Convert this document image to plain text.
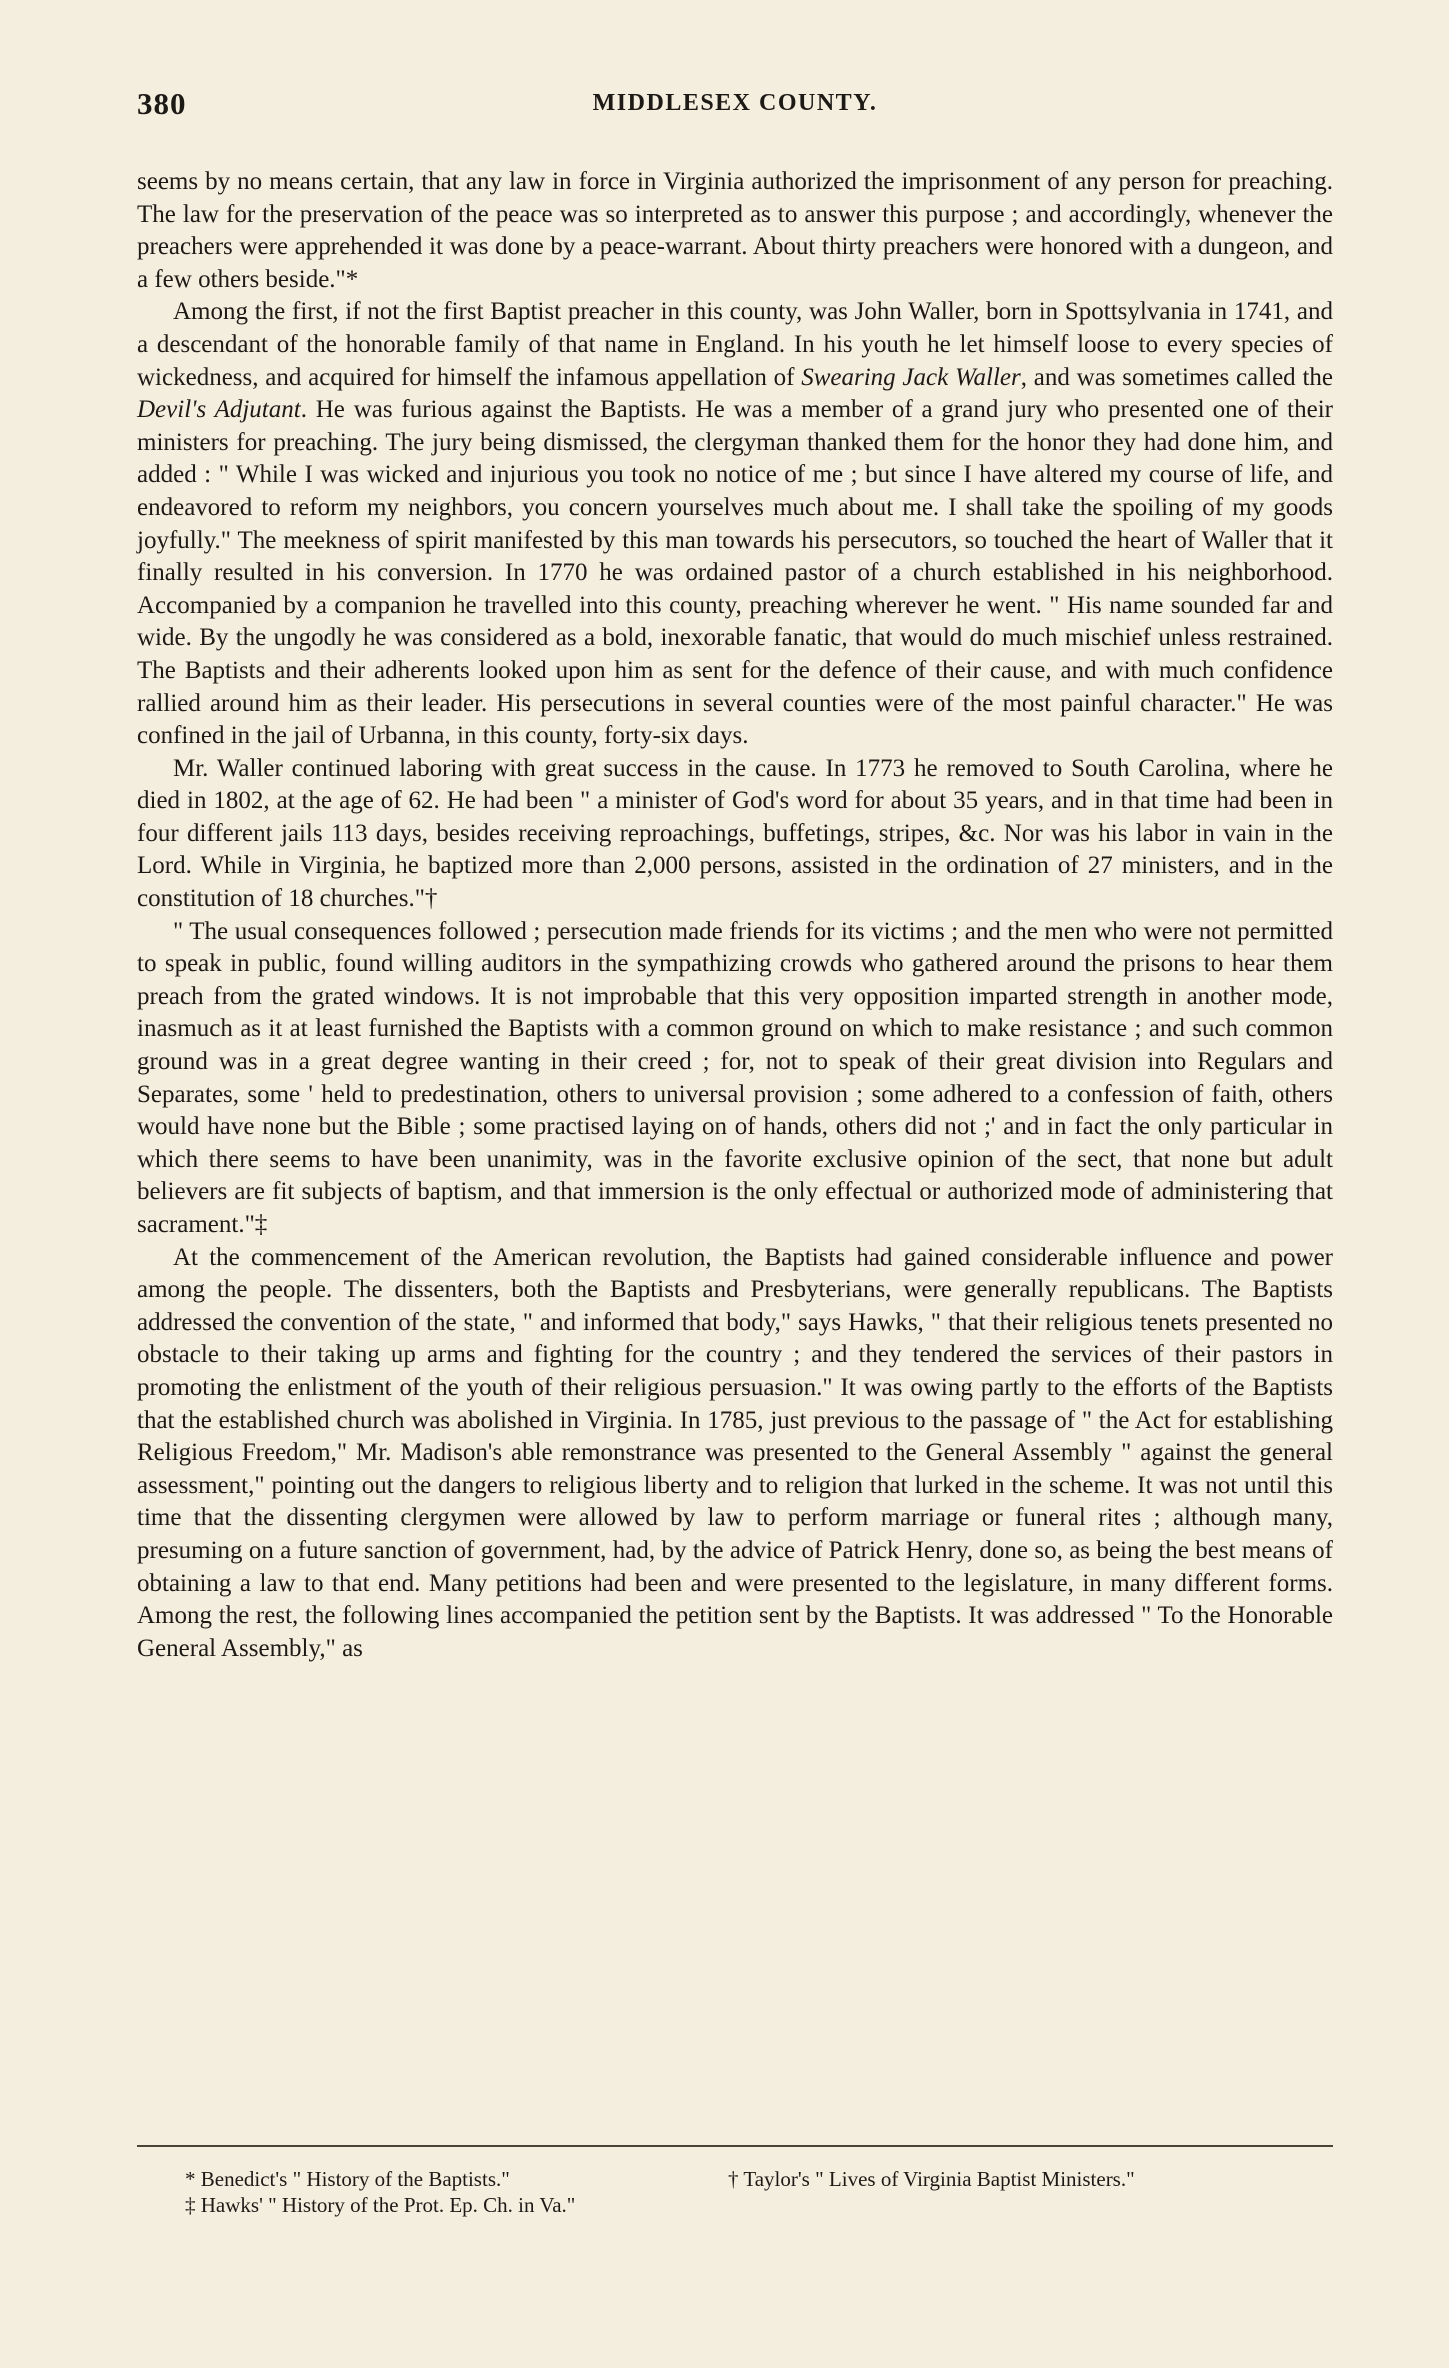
380	MIDDLESEX COUNTY.

seems by no means certain, that any law in force in Virginia authorized the imprisonment of any person for preaching. The law for the preservation of the peace was so interpreted as to answer this purpose ; and accordingly, whenever the preachers were apprehended it was done by a peace-warrant. About thirty preachers were honored with a dungeon, and a few others beside."*

Among the first, if not the first Baptist preacher in this county, was John Waller, born in Spottsylvania in 1741, and a descendant of the honorable family of that name in England. In his youth he let himself loose to every species of wickedness, and acquired for himself the infamous appellation of Swearing Jack Waller, and was sometimes called the Devil's Adjutant. He was furious against the Baptists. He was a member of a grand jury who presented one of their ministers for preaching. The jury being dismissed, the clergyman thanked them for the honor they had done him, and added : " While I was wicked and injurious you took no notice of me ; but since I have altered my course of life, and endeavored to reform my neighbors, you concern yourselves much about me. I shall take the spoiling of my goods joyfully." The meekness of spirit manifested by this man towards his persecutors, so touched the heart of Waller that it finally resulted in his conversion. In 1770 he was ordained pastor of a church established in his neighborhood. Accompanied by a companion he travelled into this county, preaching wherever he went. " His name sounded far and wide. By the ungodly he was considered as a bold, inexorable fanatic, that would do much mischief unless restrained. The Baptists and their adherents looked upon him as sent for the defence of their cause, and with much confidence rallied around him as their leader. His persecutions in several counties were of the most painful character." He was confined in the jail of Urbanna, in this county, forty-six days.

Mr. Waller continued laboring with great success in the cause. In 1773 he removed to South Carolina, where he died in 1802, at the age of 62. He had been " a minister of God's word for about 35 years, and in that time had been in four different jails 113 days, besides receiving reproachings, buffetings, stripes, &c. Nor was his labor in vain in the Lord. While in Virginia, he baptized more than 2,000 persons, assisted in the ordination of 27 ministers, and in the constitution of 18 churches."†

" The usual consequences followed ; persecution made friends for its victims ; and the men who were not permitted to speak in public, found willing auditors in the sympathizing crowds who gathered around the prisons to hear them preach from the grated windows. It is not improbable that this very opposition imparted strength in another mode, inasmuch as it at least furnished the Baptists with a common ground on which to make resistance ; and such common ground was in a great degree wanting in their creed ; for, not to speak of their great division into Regulars and Separates, some ' held to predestination, others to universal provision ; some adhered to a confession of faith, others would have none but the Bible ; some practised laying on of hands, others did not ;' and in fact the only particular in which there seems to have been unanimity, was in the favorite exclusive opinion of the sect, that none but adult believers are fit subjects of baptism, and that immersion is the only effectual or authorized mode of administering that sacrament."‡

At the commencement of the American revolution, the Baptists had gained considerable influence and power among the people. The dissenters, both the Baptists and Presbyterians, were generally republicans. The Baptists addressed the convention of the state, " and informed that body," says Hawks, " that their religious tenets presented no obstacle to their taking up arms and fighting for the country ; and they tendered the services of their pastors in promoting the enlistment of the youth of their religious persuasion." It was owing partly to the efforts of the Baptists that the established church was abolished in Virginia. In 1785, just previous to the passage of " the Act for establishing Religious Freedom," Mr. Madison's able remonstrance was presented to the General Assembly " against the general assessment," pointing out the dangers to religious liberty and to religion that lurked in the scheme. It was not until this time that the dissenting clergymen were allowed by law to perform marriage or funeral rites ; although many, presuming on a future sanction of government, had, by the advice of Patrick Henry, done so, as being the best means of obtaining a law to that end. Many petitions had been and were presented to the legislature, in many different forms. Among the rest, the following lines accompanied the petition sent by the Baptists. It was addressed " To the Honorable General Assembly," as

* Benedict's " History of the Baptists."	† Taylor's " Lives of Virginia Baptist Ministers."
‡ Hawks' " History of the Prot. Ep. Ch. in Va."
